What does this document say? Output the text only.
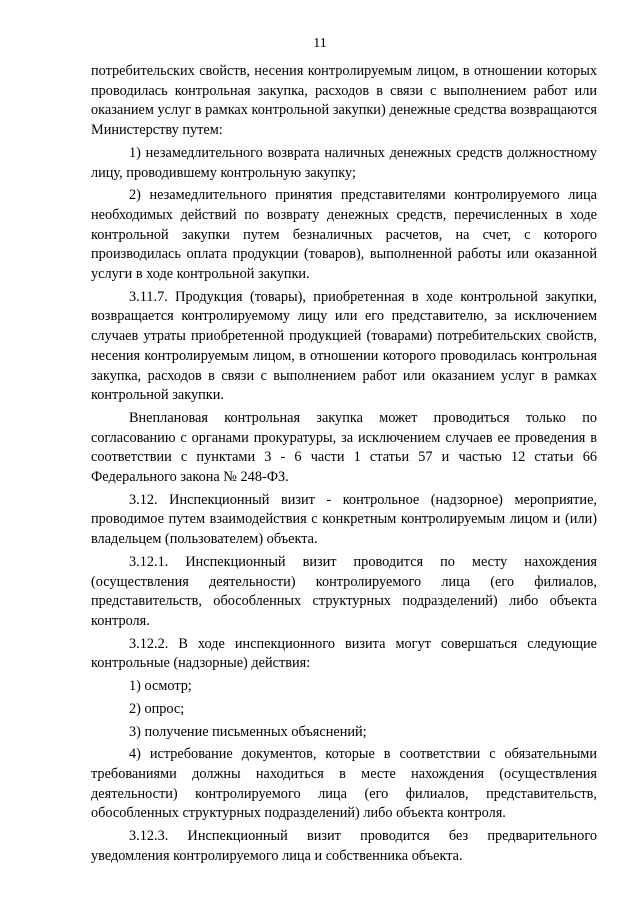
11

потребительских свойств, несения контролируемым лицом, в отношении которых проводилась контрольная закупка, расходов в связи с выполнением работ или оказанием услуг в рамках контрольной закупки) денежные средства возвращаются Министерству путем:

1) незамедлительного возврата наличных денежных средств должностному лицу, проводившему контрольную закупку;

2) незамедлительного принятия представителями контролируемого лица необходимых действий по возврату денежных средств, перечисленных в ходе контрольной закупки путем безналичных расчетов, на счет, с которого производилась оплата продукции (товаров), выполненной работы или оказанной услуги в ходе контрольной закупки.

3.11.7. Продукция (товары), приобретенная в ходе контрольной закупки, возвращается контролируемому лицу или его представителю, за исключением случаев утраты приобретенной продукцией (товарами) потребительских свойств, несения контролируемым лицом, в отношении которого проводилась контрольная закупка, расходов в связи с выполнением работ или оказанием услуг в рамках контрольной закупки.

Внеплановая контрольная закупка может проводиться только по согласованию с органами прокуратуры, за исключением случаев ее проведения в соответствии с пунктами 3 - 6 части 1 статьи 57 и частью 12 статьи 66 Федерального закона № 248-ФЗ.

3.12. Инспекционный визит - контрольное (надзорное) мероприятие, проводимое путем взаимодействия с конкретным контролируемым лицом и (или) владельцем (пользователем) объекта.

3.12.1. Инспекционный визит проводится по месту нахождения (осуществления деятельности) контролируемого лица (его филиалов, представительств, обособленных структурных подразделений) либо объекта контроля.

3.12.2. В ходе инспекционного визита могут совершаться следующие контрольные (надзорные) действия:

1) осмотр;

2) опрос;

3) получение письменных объяснений;

4) истребование документов, которые в соответствии с обязательными требованиями должны находиться в месте нахождения (осуществления деятельности) контролируемого лица (его филиалов, представительств, обособленных структурных подразделений) либо объекта контроля.

3.12.3. Инспекционный визит проводится без предварительного уведомления контролируемого лица и собственника объекта.
